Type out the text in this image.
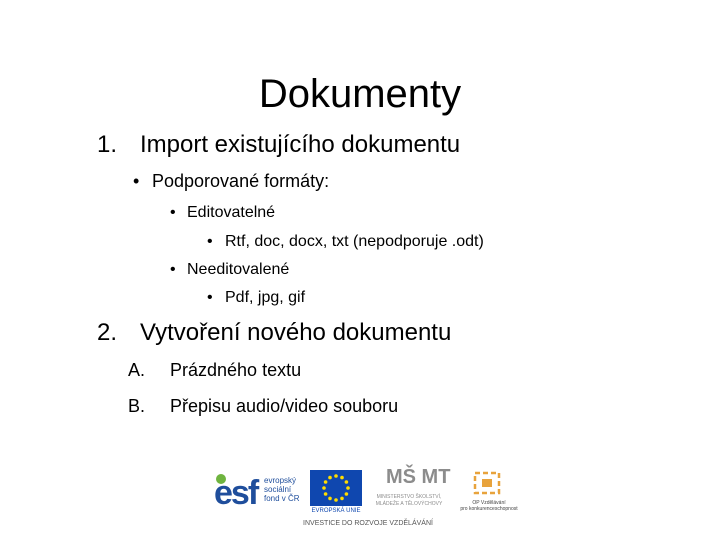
Dokumenty
1. Import existujícího dokumentu
• Podporované formáty:
• Editovatelné
• Rtf, doc, docx, txt (nepodporuje .odt)
• Needitovalené
• Pdf, jpg, gif
2. Vytvoření nového dokumentu
A. Prázdného textu
B. Přepisu audio/video souboru
esf evropský
sociální
fond v ČR
EVROPSKÁ UNIE
MŠ MT
MINISTERSTVO ŠKOLSTVÍ,
MLÁDEŽE A TĚLOVÝCHOVY	OP Vzdělávání
pro konkurenceschopnost
INVESTICE DO ROZVOJE VZDĚLÁVÁNÍ
